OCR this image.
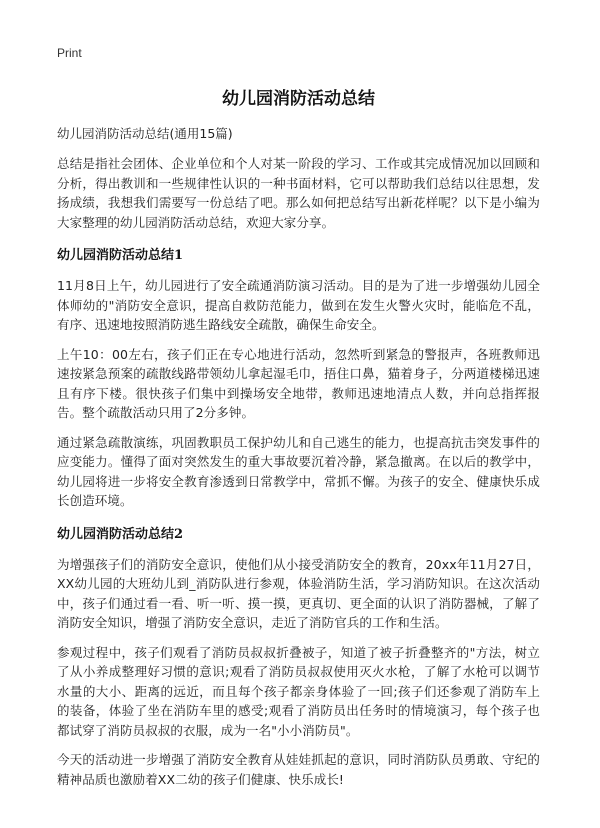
Print
幼儿园消防活动总结

幼儿园消防活动总结(通用15篇)

总结是指社会团体、企业单位和个人对某一阶段的学习、工作或其完成情况加以回顾和分析，得出教训和一些规律性认识的一种书面材料，它可以帮助我们总结以往思想，发扬成绩，我想我们需要写一份总结了吧。那么如何把总结写出新花样呢？以下是小编为大家整理的幼儿园消防活动总结，欢迎大家分享。

幼儿园消防活动总结1

11月8日上午，幼儿园进行了安全疏通消防演习活动。目的是为了进一步增强幼儿园全体师幼的"消防安全意识，提高自救防范能力，做到在发生火警火灾时，能临危不乱，有序、迅速地按照消防逃生路线安全疏散，确保生命安全。

上午10：00左右，孩子们正在专心地进行活动，忽然听到紧急的警报声，各班教师迅速按紧急预案的疏散线路带领幼儿拿起湿毛巾，捂住口鼻，猫着身子，分两道楼梯迅速且有序下楼。很快孩子们集中到操场安全地带，教师迅速地清点人数，并向总指挥报告。整个疏散活动只用了2分多钟。

通过紧急疏散演练，巩固教职员工保护幼儿和自己逃生的能力，也提高抗击突发事件的应变能力。懂得了面对突然发生的重大事故要沉着冷静，紧急撤离。在以后的教学中，幼儿园将进一步将安全教育渗透到日常教学中，常抓不懈。为孩子的安全、健康快乐成长创造环境。

幼儿园消防活动总结2

为增强孩子们的消防安全意识，使他们从小接受消防安全的教育，20xx年11月27日，XX幼儿园的大班幼儿到_消防队进行参观，体验消防生活，学习消防知识。在这次活动中，孩子们通过看一看、听一听、摸一摸，更真切、更全面的认识了消防器械，了解了消防安全知识，增强了消防安全意识，走近了消防官兵的工作和生活。

参观过程中，孩子们观看了消防员叔叔折叠被子，知道了被子折叠整齐的"方法，树立了从小养成整理好习惯的意识;观看了消防员叔叔使用灭火水枪，了解了水枪可以调节水量的大小、距离的远近，而且每个孩子都亲身体验了一回;孩子们还参观了消防车上的装备，体验了坐在消防车里的感受;观看了消防员出任务时的情境演习，每个孩子也都试穿了消防员叔叔的衣服，成为一名"小小消防员"。

今天的活动进一步增强了消防安全教育从娃娃抓起的意识，同时消防队员勇敢、守纪的精神品质也激励着XX二幼的孩子们健康、快乐成长!
